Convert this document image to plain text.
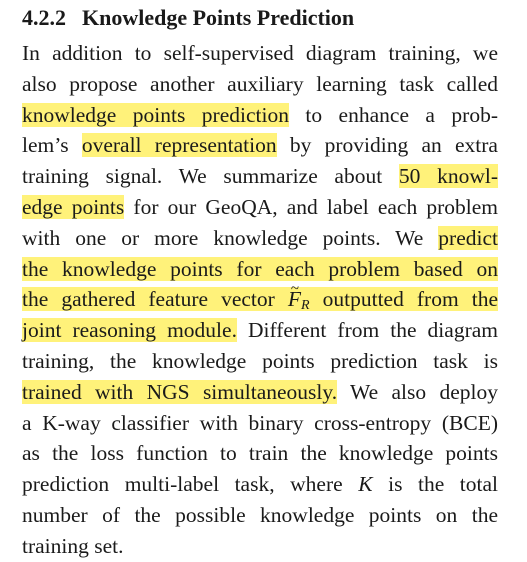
4.2.2 Knowledge Points Prediction
In addition to self-supervised diagram training, we
also propose another auxiliary learning task called
knowledge points prediction to enhance a prob-
lem’s overall representation by providing an extra
training signal. We summarize about 50 knowl-
edge points for our GeoQA, and label each problem
with one or more knowledge points. We predict
the knowledge points for each problem based on
the gathered feature vector ~ $F_R$ outputted from the
joint reasoning module. Different from the diagram
training, the knowledge points prediction task is
trained with NGS simultaneously. We also deploy
a K-way classifier with binary cross-entropy (BCE)
as the loss function to train the knowledge points
prediction multi-label task, where K is the total
number of the possible knowledge points on the
training set.
